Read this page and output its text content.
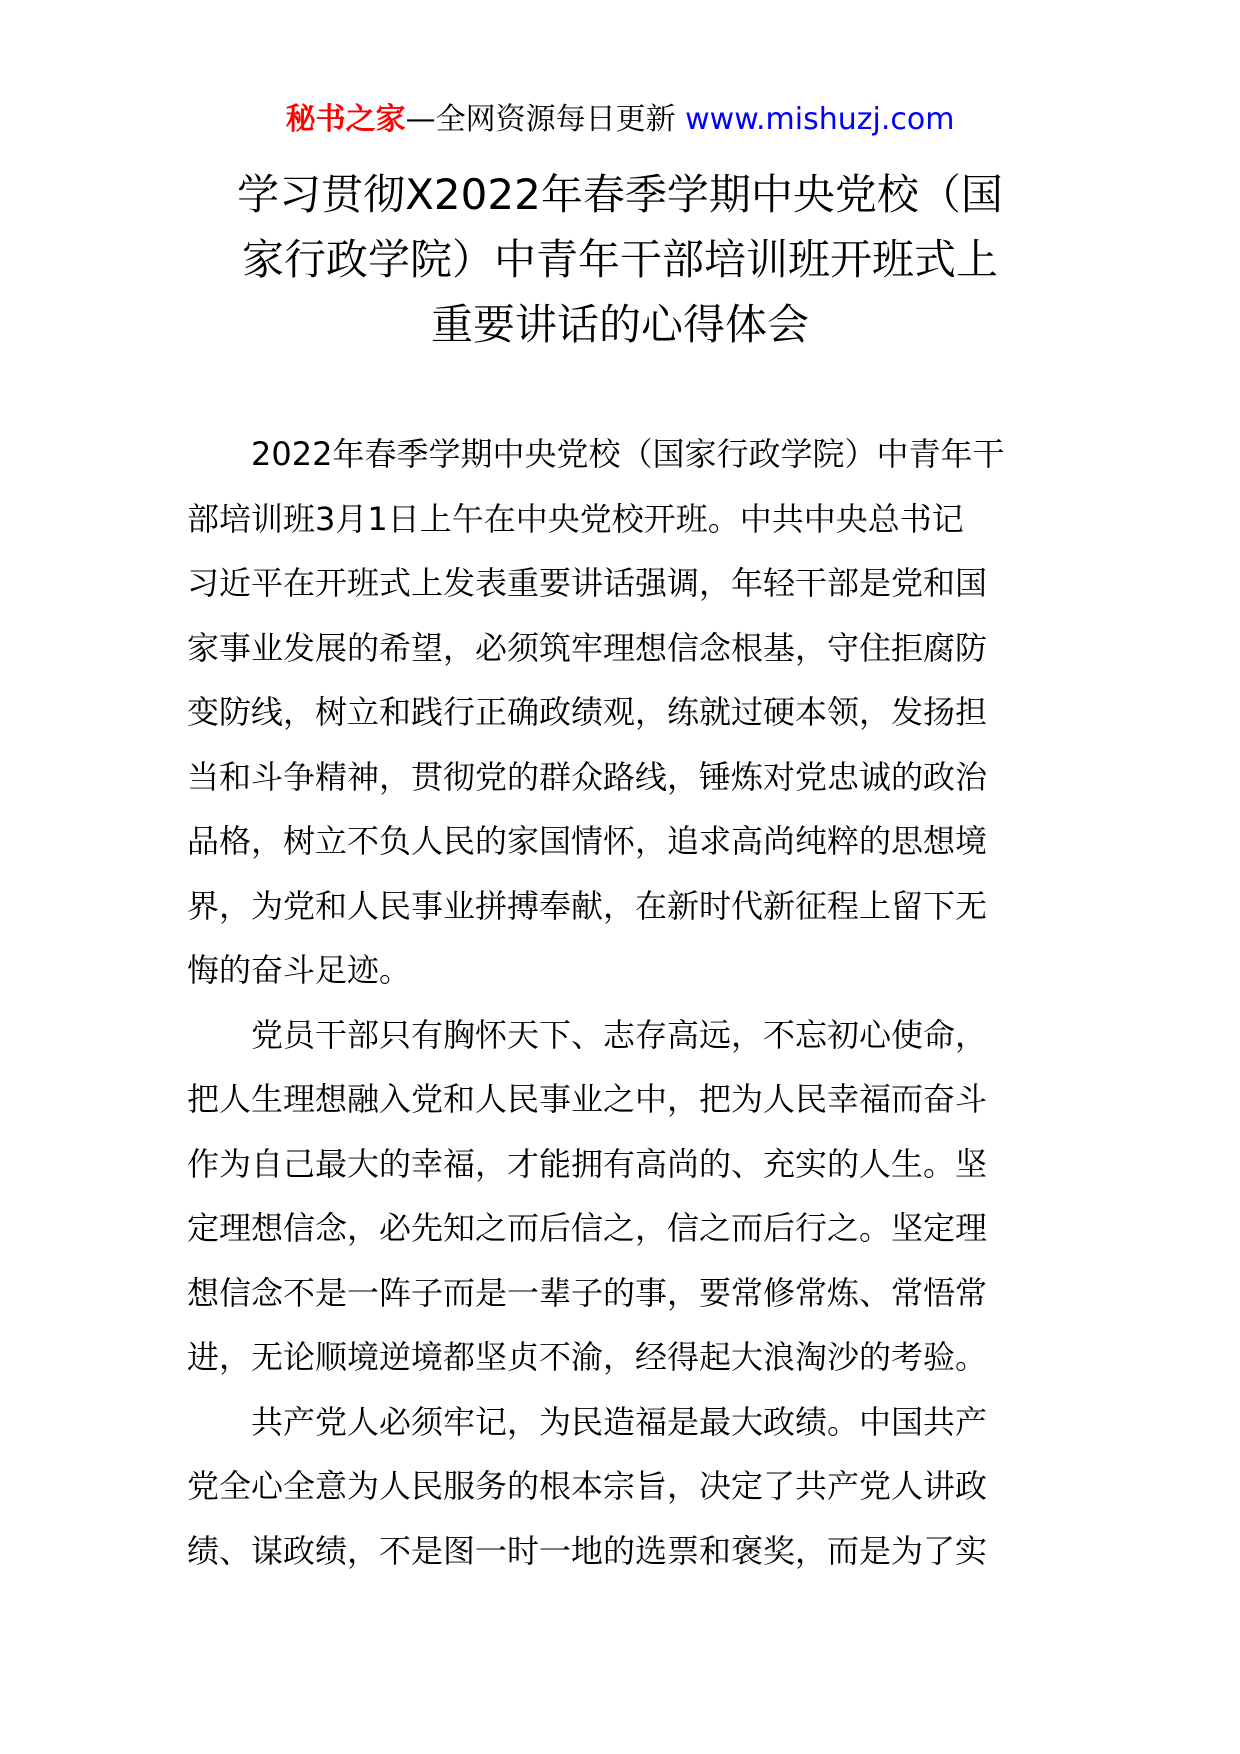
秘书之家—全网资源每日更新 www.mishuzj.com
学习贯彻X2022年春季学期中央党校（国
家行政学院）中青年干部培训班开班式上
重要讲话的心得体会

　　2022年春季学期中央党校（国家行政学院）中青年干
部培训班3月1日上午在中央党校开班。中共中央总书记
习近平在开班式上发表重要讲话强调，年轻干部是党和国
家事业发展的希望，必须筑牢理想信念根基，守住拒腐防
变防线，树立和践行正确政绩观，练就过硬本领，发扬担
当和斗争精神，贯彻党的群众路线，锤炼对党忠诚的政治
品格，树立不负人民的家国情怀，追求高尚纯粹的思想境
界，为党和人民事业拼搏奉献，在新时代新征程上留下无
悔的奋斗足迹。

　　党员干部只有胸怀天下、志存高远，不忘初心使命，
把人生理想融入党和人民事业之中，把为人民幸福而奋斗
作为自己最大的幸福，才能拥有高尚的、充实的人生。坚
定理想信念，必先知之而后信之，信之而后行之。坚定理
想信念不是一阵子而是一辈子的事，要常修常炼、常悟常
进，无论顺境逆境都坚贞不渝，经得起大浪淘沙的考验。

　　共产党人必须牢记，为民造福是最大政绩。中国共产
党全心全意为人民服务的根本宗旨，决定了共产党人讲政
绩、谋政绩，不是图一时一地的选票和褒奖，而是为了实
